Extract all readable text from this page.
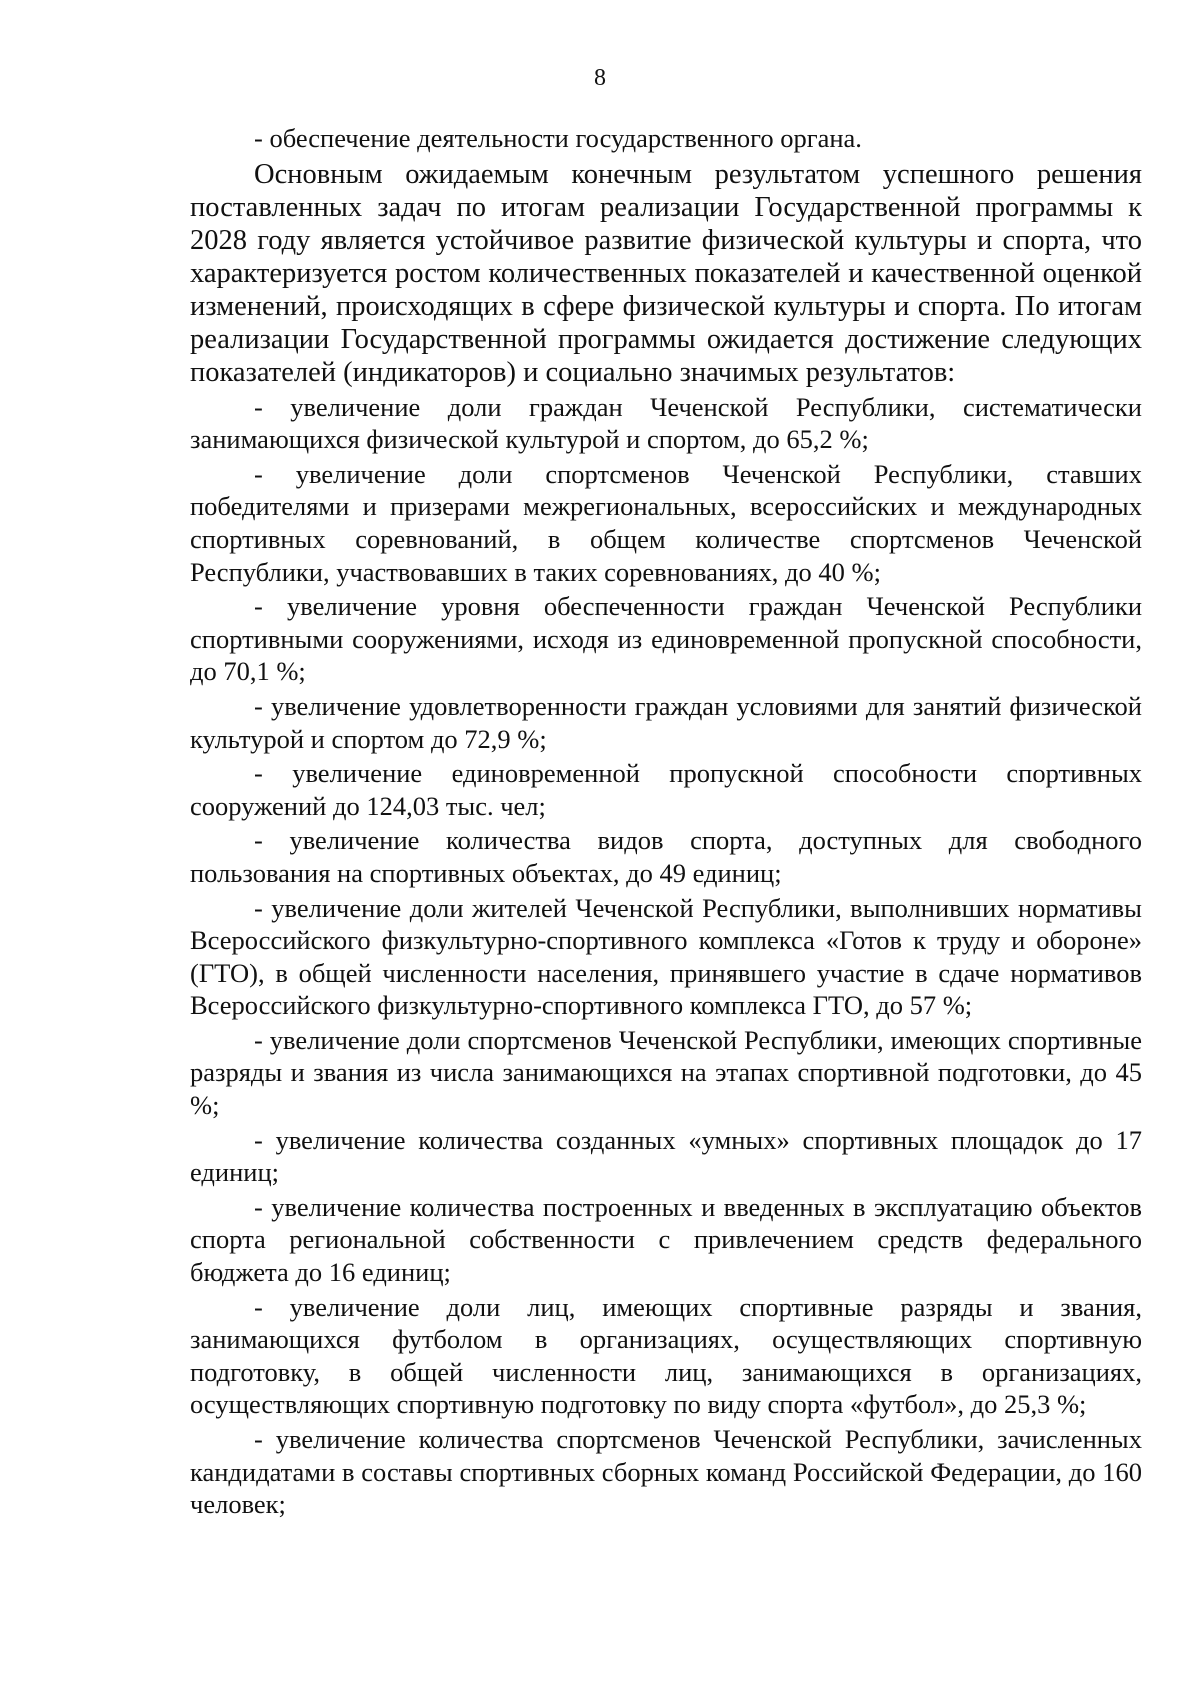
8

- обеспечение деятельности государственного органа.

Основным ожидаемым конечным результатом успешного решения поставленных задач по итогам реализации Государственной программы к 2028 году является устойчивое развитие физической культуры и спорта, что характеризуется ростом количественных показателей и качественной оценкой изменений, происходящих в сфере физической культуры и спорта. По итогам реализации Государственной программы ожидается достижение следующих показателей (индикаторов) и социально значимых результатов:

- увеличение доли граждан Чеченской Республики, систематически занимающихся физической культурой и спортом, до 65,2 %;

- увеличение доли спортсменов Чеченской Республики, ставших победителями и призерами межрегиональных, всероссийских и международных спортивных соревнований, в общем количестве спортсменов Чеченской Республики, участвовавших в таких соревнованиях, до 40 %;

- увеличение уровня обеспеченности граждан Чеченской Республики спортивными сооружениями, исходя из единовременной пропускной способности, до 70,1 %;

- увеличение удовлетворенности граждан условиями для занятий физической культурой и спортом до 72,9 %;

- увеличение единовременной пропускной способности спортивных сооружений до 124,03 тыс. чел;

- увеличение количества видов спорта, доступных для свободного пользования на спортивных объектах, до 49 единиц;

- увеличение доли жителей Чеченской Республики, выполнивших нормативы Всероссийского физкультурно-спортивного комплекса «Готов к труду и обороне» (ГТО), в общей численности населения, принявшего участие в сдаче нормативов Всероссийского физкультурно-спортивного комплекса ГТО, до 57 %;

- увеличение доли спортсменов Чеченской Республики, имеющих спортивные разряды и звания из числа занимающихся на этапах спортивной подготовки, до 45 %;

- увеличение количества созданных «умных» спортивных площадок до 17 единиц;

- увеличение количества построенных и введенных в эксплуатацию объектов спорта региональной собственности с привлечением средств федерального бюджета до 16 единиц;

- увеличение доли лиц, имеющих спортивные разряды и звания, занимающихся футболом в организациях, осуществляющих спортивную подготовку, в общей численности лиц, занимающихся в организациях, осуществляющих спортивную подготовку по виду спорта «футбол», до 25,3 %;

- увеличение количества спортсменов Чеченской Республики, зачисленных кандидатами в составы спортивных сборных команд Российской Федерации, до 160 человек;
